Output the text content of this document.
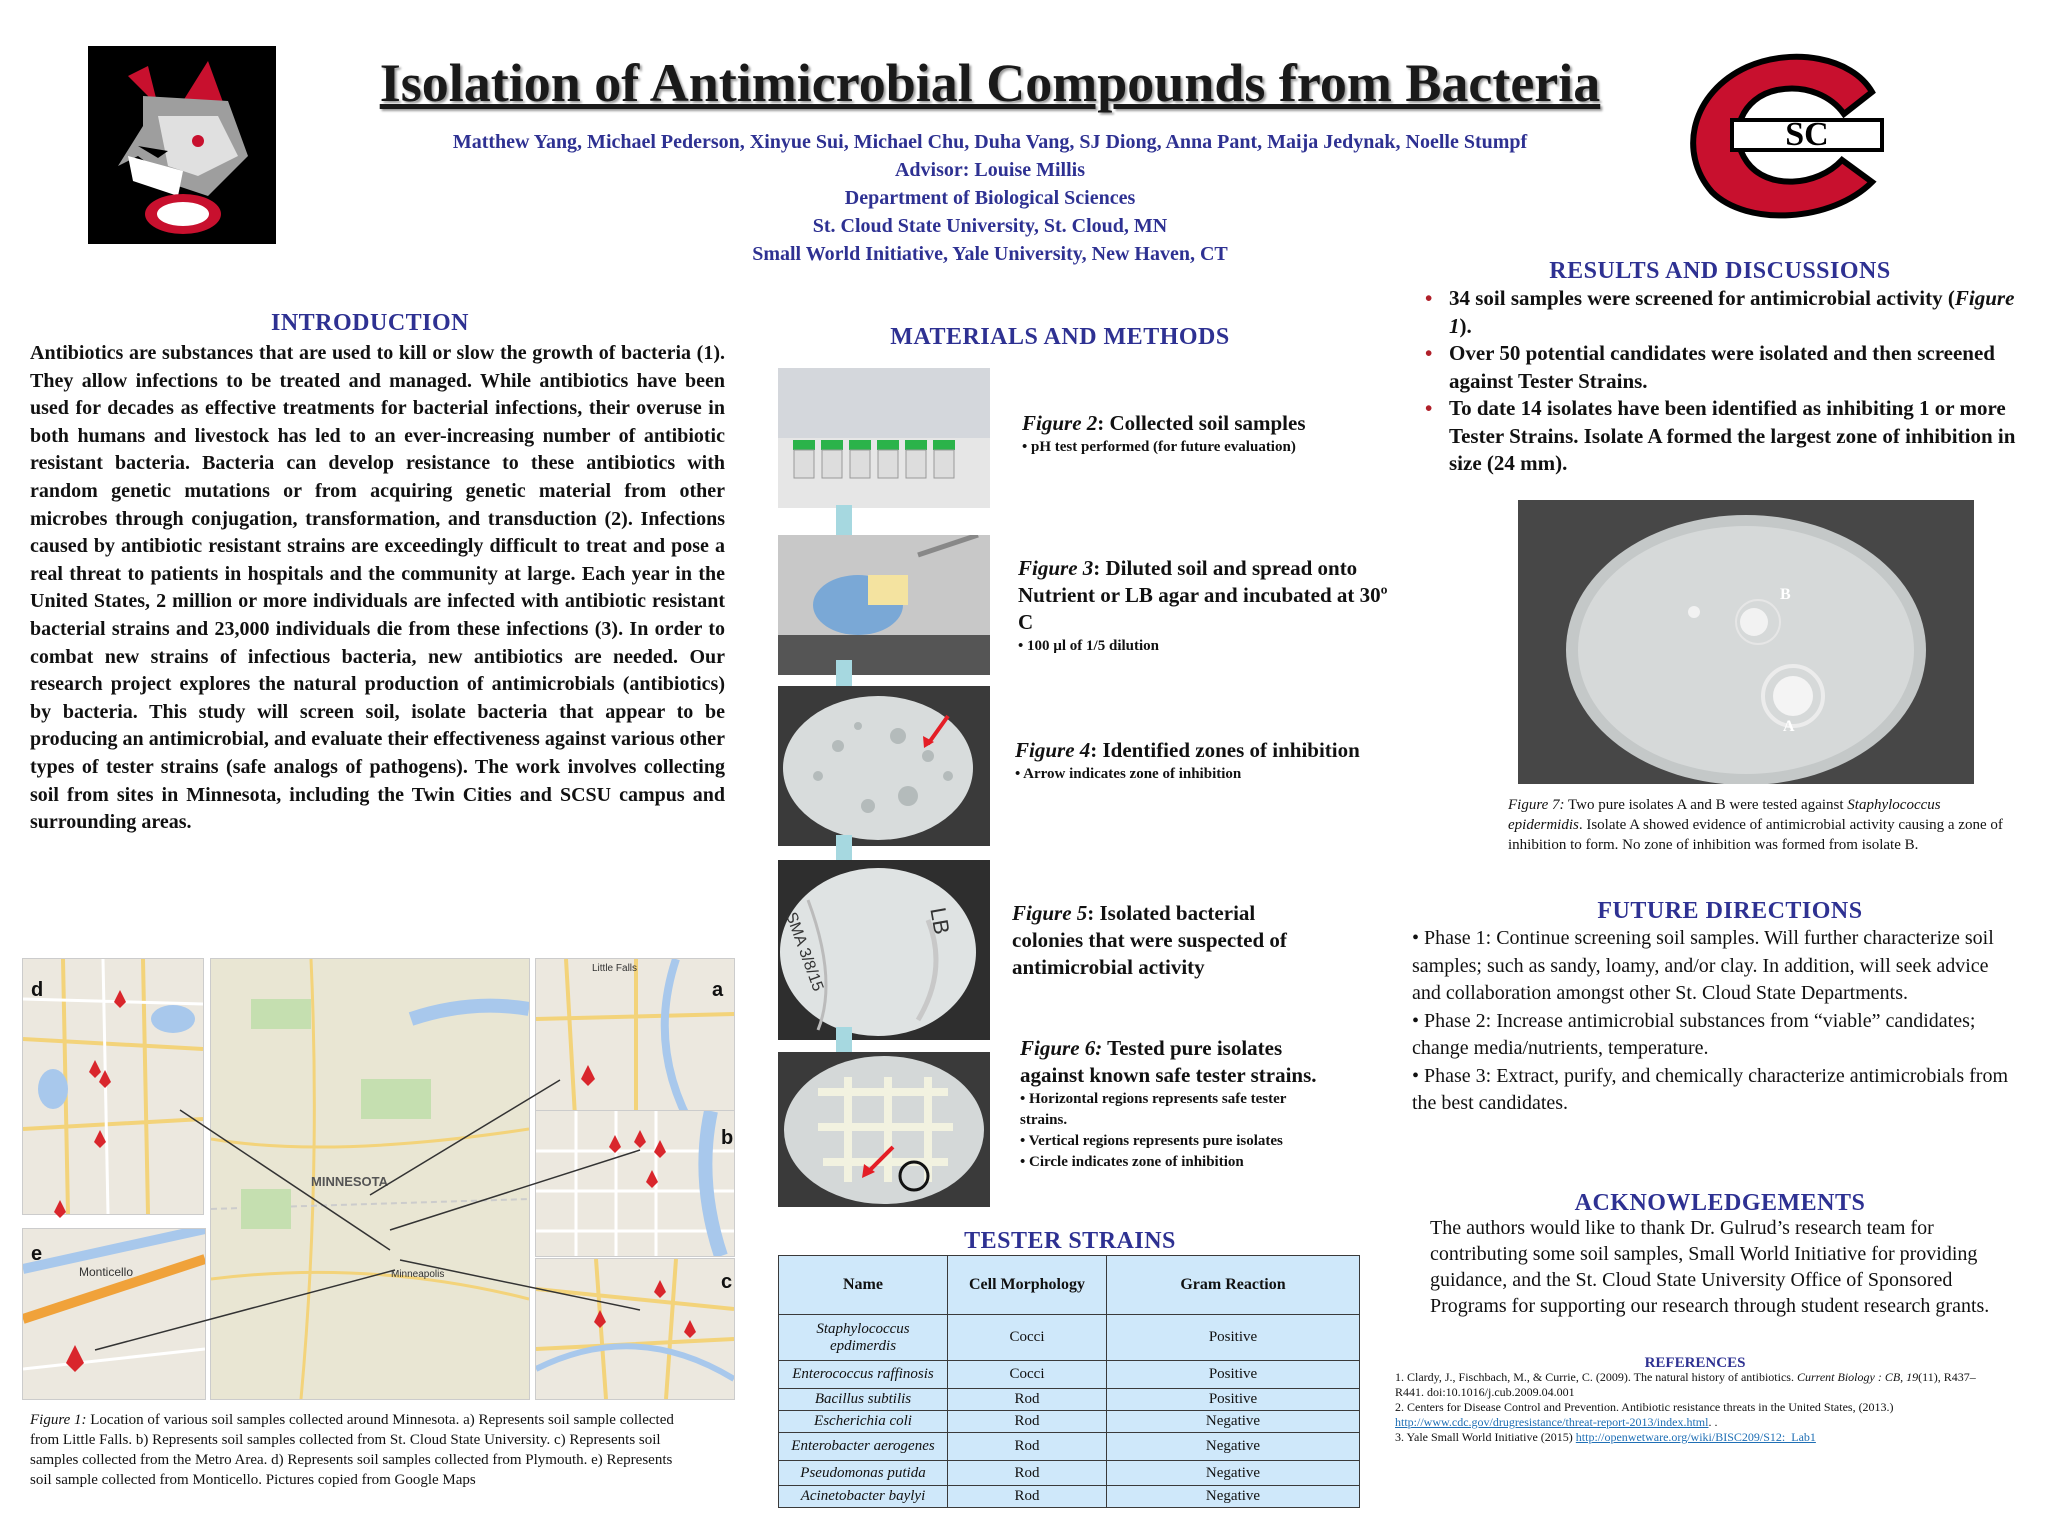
SC
Isolation of Antimicrobial Compounds from Bacteria
Matthew Yang, Michael Pederson, Xinyue Sui, Michael Chu, Duha Vang, SJ Diong, Anna Pant, Maija Jedynak, Noelle Stumpf
Advisor: Louise Millis
Department of Biological Sciences
St. Cloud State University, St. Cloud, MN
Small World Initiative, Yale University, New Haven, CT
INTRODUCTION
Antibiotics are substances that are used to kill or slow the growth of bacteria (1). They allow infections to be treated and managed. While antibiotics have been used for decades as effective treatments for bacterial infections, their overuse in both humans and livestock has led to an ever-increasing number of antibiotic resistant bacteria. Bacteria can develop resistance to these antibiotics with random genetic mutations or from acquiring genetic material from other microbes through conjugation, transformation, and transduction (2). Infections caused by antibiotic resistant strains are exceedingly difficult to treat and pose a real threat to patients in hospitals and the community at large. Each year in the United States, 2 million or more individuals are infected with antibiotic resistant bacterial strains and 23,000 individuals die from these infections (3). In order to combat new strains of infectious bacteria, new antibiotics are needed. Our research project explores the natural production of antimicrobials (antibiotics) by bacteria. This study will screen soil, isolate bacteria that appear to be producing an antimicrobial, and evaluate their effectiveness against various other types of tester strains (safe analogs of pathogens). The work involves collecting soil from sites in Minnesota, including the Twin Cities and SCSU campus and surrounding areas.
d
MINNESOTA
Minneapolis
Little Falls
a
b
Monticello
e
c
Figure 1: Location of various soil samples collected around Minnesota. a) Represents soil sample collected from Little Falls. b) Represents soil samples collected from St. Cloud State University. c) Represents soil samples collected from the Metro Area. d) Represents soil samples collected from Plymouth. e) Represents soil sample collected from Monticello. Pictures copied from Google Maps
MATERIALS AND METHODS
Figure 2: Collected soil samples
• pH test performed (for future evaluation)
Figure 3: Diluted soil and spread onto Nutrient or LB agar and incubated at 30º C
• 100 µl of 1/5 dilution
Figure 4: Identified zones of inhibition
• Arrow indicates zone of inhibition
SMA 3/8/15	LB	Figure 5: Isolated bacterial colonies that were suspected of antimicrobial activity
Figure 6: Tested pure isolates against known safe tester strains.
• Horizontal regions represents safe tester strains.
• Vertical regions represents pure isolates
• Circle indicates zone of inhibition
TESTER STRAINS
Name	Cell Morphology	Gram Reaction
Staphylococcus epdimerdis	Cocci	Positive
Enterococcus raffinosis	Cocci	Positive
Bacillus subtilis	Rod	Positive
Escherichia coli	Rod	Negative
Enterobacter aerogenes	Rod	Negative
Pseudomonas putida	Rod	Negative
Acinetobacter baylyi	Rod	Negative
RESULTS AND DISCUSSIONS
• 34 soil samples were screened for antimicrobial activity (Figure 1).
• Over 50 potential candidates were isolated and then screened against Tester Strains.
• To date 14 isolates have been identified as inhibiting 1 or more Tester Strains. Isolate A formed the largest zone of inhibition in size (24 mm).
B
A
Figure 7: Two pure isolates A and B were tested against Staphylococcus epidermidis. Isolate A showed evidence of antimicrobial activity causing a zone of inhibition to form. No zone of inhibition was formed from isolate B.
FUTURE DIRECTIONS
• Phase 1: Continue screening soil samples. Will further characterize soil samples; such as sandy, loamy, and/or clay. In addition, will seek advice and collaboration amongst other St. Cloud State Departments.
• Phase 2: Increase antimicrobial substances from “viable” candidates; change media/nutrients, temperature.
• Phase 3: Extract, purify, and chemically characterize antimicrobials from the best candidates.
ACKNOWLEDGEMENTS
The authors would like to thank Dr. Gulrud’s research team for contributing some soil samples, Small World Initiative for providing guidance, and the St. Cloud State University Office of Sponsored Programs for supporting our research through student research grants.
REFERENCES
1. Clardy, J., Fischbach, M., & Currie, C. (2009). The natural history of antibiotics. Current Biology : CB, 19(11), R437–R441. doi:10.1016/j.cub.2009.04.001
2. Centers for Disease Control and Prevention. Antibiotic resistance threats in the United States, (2013.)
http://www.cdc.gov/drugresistance/threat-report-2013/index.html. .
3. Yale Small World Initiative (2015) http://openwetware.org/wiki/BISC209/S12:_Lab1
